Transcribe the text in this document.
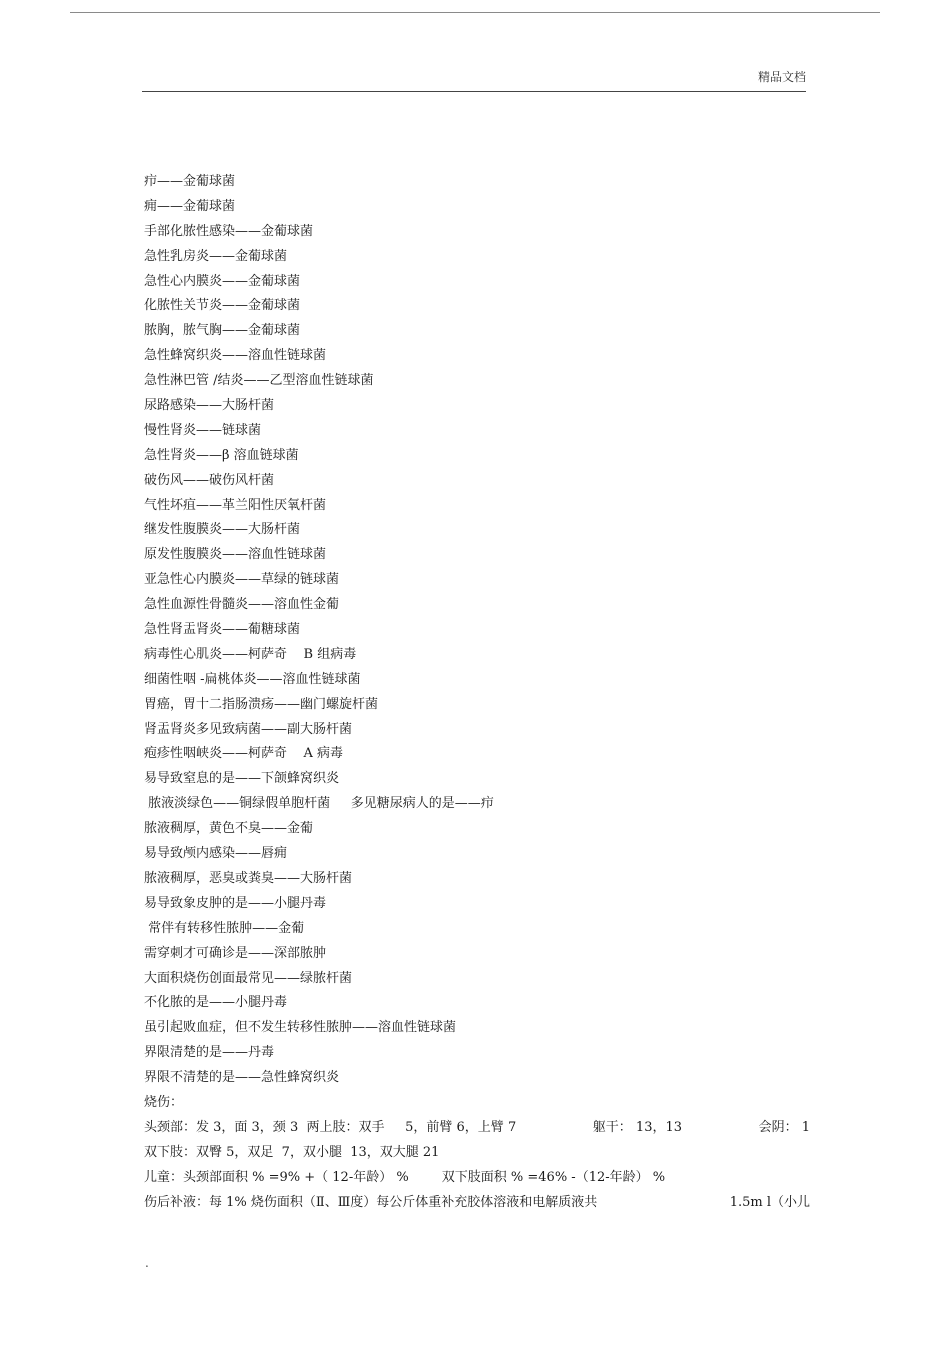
精品文档
疖——金葡球菌
痈——金葡球菌
手部化脓性感染——金葡球菌
急性乳房炎——金葡球菌
急性心内膜炎——金葡球菌
化脓性关节炎——金葡球菌
脓胸，脓气胸——金葡球菌
急性蜂窝织炎——溶血性链球菌
急性淋巴管 /结炎——乙型溶血性链球菌
尿路感染——大肠杆菌
慢性肾炎——链球菌
急性肾炎——β 溶血链球菌
破伤风——破伤风杆菌
气性坏疽——革兰阳性厌氧杆菌
继发性腹膜炎——大肠杆菌
原发性腹膜炎——溶血性链球菌
亚急性心内膜炎——草绿的链球菌
急性血源性骨髓炎——溶血性金葡
急性肾盂肾炎——葡糖球菌
病毒性心肌炎——柯萨奇    B 组病毒
细菌性咽 -扁桃体炎——溶血性链球菌
胃癌，胃十二指肠溃疡——幽门螺旋杆菌
肾盂肾炎多见致病菌——副大肠杆菌
疱疹性咽峡炎——柯萨奇    A 病毒
易导致窒息的是——下颌蜂窝织炎
脓液淡绿色——铜绿假单胞杆菌     多见糖尿病人的是——疖
脓液稠厚，黄色不臭——金葡
易导致颅内感染——唇痈
脓液稠厚，恶臭或粪臭——大肠杆菌
易导致象皮肿的是——小腿丹毒
常伴有转移性脓肿——金葡
需穿刺才可确诊是——深部脓肿
大面积烧伤创面最常见——绿脓杆菌
不化脓的是——小腿丹毒
虽引起败血症，但不发生转移性脓肿——溶血性链球菌
界限清楚的是——丹毒
界限不清楚的是——急性蜂窝织炎
烧伤：
头颈部：发 3，面 3，颈 3  两上肢：双手     5，前臂 6，上臂 7	躯干： 13，13	会阴： 1
双下肢：双臀 5，双足  7，双小腿  13，双大腿 21
儿童：头颈部面积 % =9% +（ 12-年龄） %        双下肢面积 % =46% -（12-年龄） %
伤后补液：每 1% 烧伤面积（Ⅱ、Ⅲ度）每公斤体重补充胶体溶液和电解质液共	1.5m l（小儿
.
